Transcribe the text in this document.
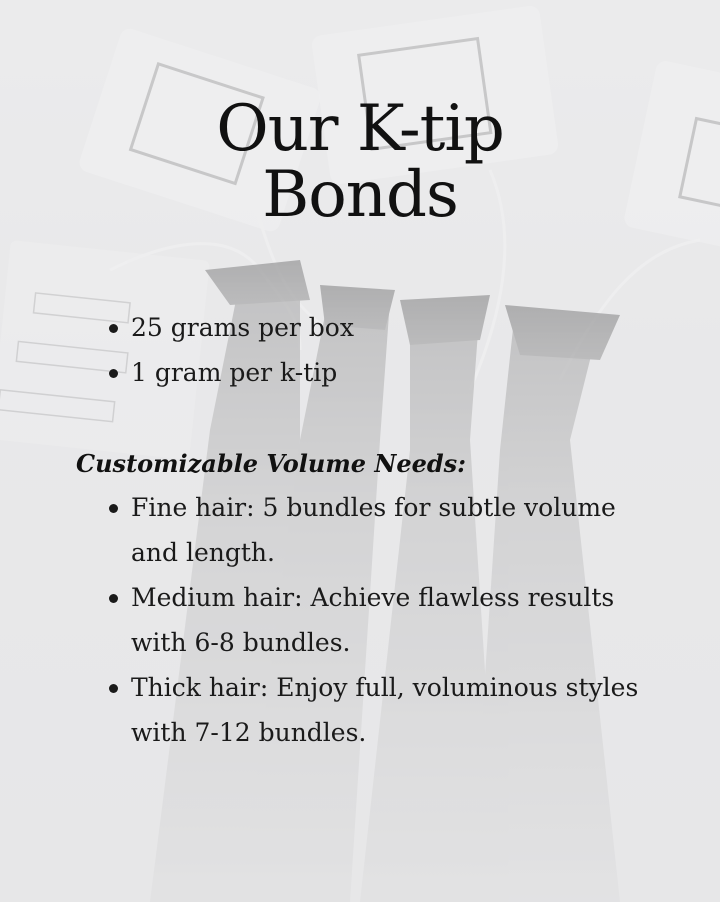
Our K-tip
Bonds
25 grams per box
1 gram per k-tip
Customizable Volume Needs:
Fine hair: 5 bundles for subtle volume and length.
Medium hair: Achieve flawless results with 6-8 bundles.
Thick hair: Enjoy full, voluminous styles with 7-12 bundles.
